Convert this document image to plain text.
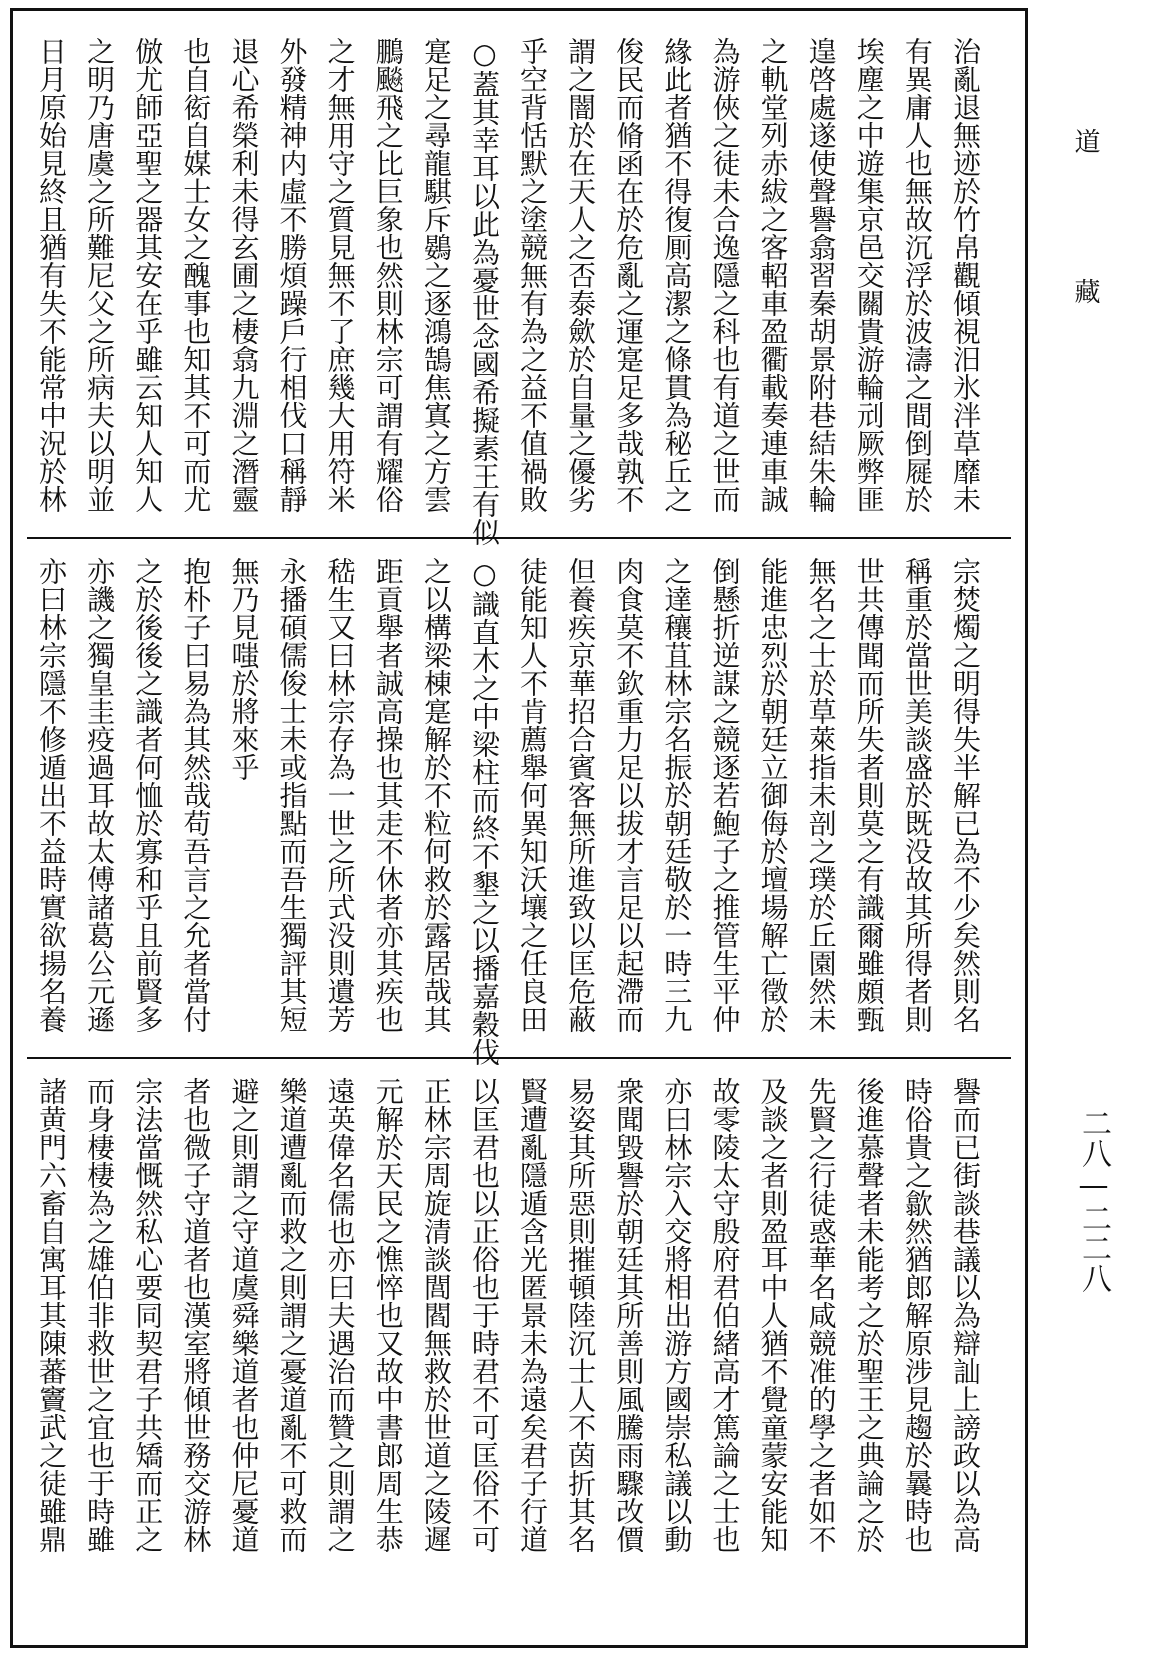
治亂退無迹於竹帛觀傾視汨氷泮草靡未
有異庸人也無故沉浮於波濤之間倒屣於
埃塵之中遊集京邑交關貴游輪刓厥弊匪
遑啓處遂使聲譽翕習秦胡景附巷結朱輪
之軌堂列赤紱之客軺車盈衢載奏連車誠
為游俠之徒未合逸隱之科也有道之世而
緣此者猶不得復厠高潔之條貫為秘丘之
俊民而脩函在於危亂之運寔足多哉孰不
謂之闇於在天人之否泰歛於自量之優劣
乎空背恬默之塗競無有為之益不值禍敗
○蓋其幸耳以此為憂世念國希擬素王有似
寔足之尋龍騏斥鷃之逐鴻鵠焦寘之方雲
鵬飈飛之比巨象也然則林宗可謂有耀俗
之才無用守之質見無不了庶幾大用符米
外發精神内虛不勝煩躁戶行相伐口稱靜
退心希榮利未得玄圃之棲翕九淵之潛靈
也自衒自媒士女之醜事也知其不可而尤
倣尤師亞聖之器其安在乎雖云知人知人
之明乃唐虞之所難尼父之所病夫以明並
日月原始見終且猶有失不能常中況於林
宗焚燭之明得失半解已為不少矣然則名
稱重於當世美談盛於既没故其所得者則
世共傳聞而所失者則莫之有識爾雖頗甄
無名之士於草萊指未剖之璞於丘園然未
能進忠烈於朝廷立御侮於壇場解亡徵於
倒懸折逆謀之競逐若鮑子之推管生平仲
之達穰苴林宗名振於朝廷敬於一時三九
肉食莫不欽重力足以拔才言足以起滯而
但養疾京華招合賓客無所進致以匡危蔽
徒能知人不肯薦舉何異知沃壤之任良田
○識直木之中梁柱而終不墾之以播嘉穀伐
之以構梁棟寔解於不粒何救於露居哉其
距貢舉者誠高操也其走不休者亦其疾也
嵇生又曰林宗存為一世之所式没則遺芳
永播碩儒俊士未或指點而吾生獨評其短
無乃見嗤於將來乎
抱朴子曰易為其然哉苟吾言之允者當付
之於後後之識者何恤於寡和乎且前賢多
亦譏之獨皇圭疫過耳故太傅諸葛公元遜
亦曰林宗隱不修遁出不益時實欲揚名養
譽而已街談巷議以為辯訕上謗政以為高
時俗貴之歙然猶郎解原涉見趨於曩時也
後進慕聲者未能考之於聖王之典論之於
先賢之行徒惑華名咸競准的學之者如不
及談之者則盈耳中人猶不覺童蒙安能知
故零陵太守殷府君伯緒高才篤論之士也
亦曰林宗入交將相出游方國崇私議以動
衆聞毀譽於朝廷其所善則風騰雨驟改價
易姿其所惡則摧頓陸沉士人不茵折其名
賢遭亂隱遁含光匿景未為遠矣君子行道
以匡君也以正俗也于時君不可匡俗不可
正林宗周旋清談閭閻無救於世道之陵遲
元解於天民之憔悴也又故中書郎周生恭
遠英偉名儒也亦曰夫遇治而贊之則謂之
樂道遭亂而救之則謂之憂道亂不可救而
避之則謂之守道虞舜樂道者也仲尼憂道
者也微子守道者也漢室將傾世務交游林
宗法當慨然私心要同契君子共矯而正之
而身棲棲為之雄伯非救世之宜也于時雖
諸黄門六畜自寓耳其陳蕃竇武之徒雖鼎
道
藏
二八—二二八
